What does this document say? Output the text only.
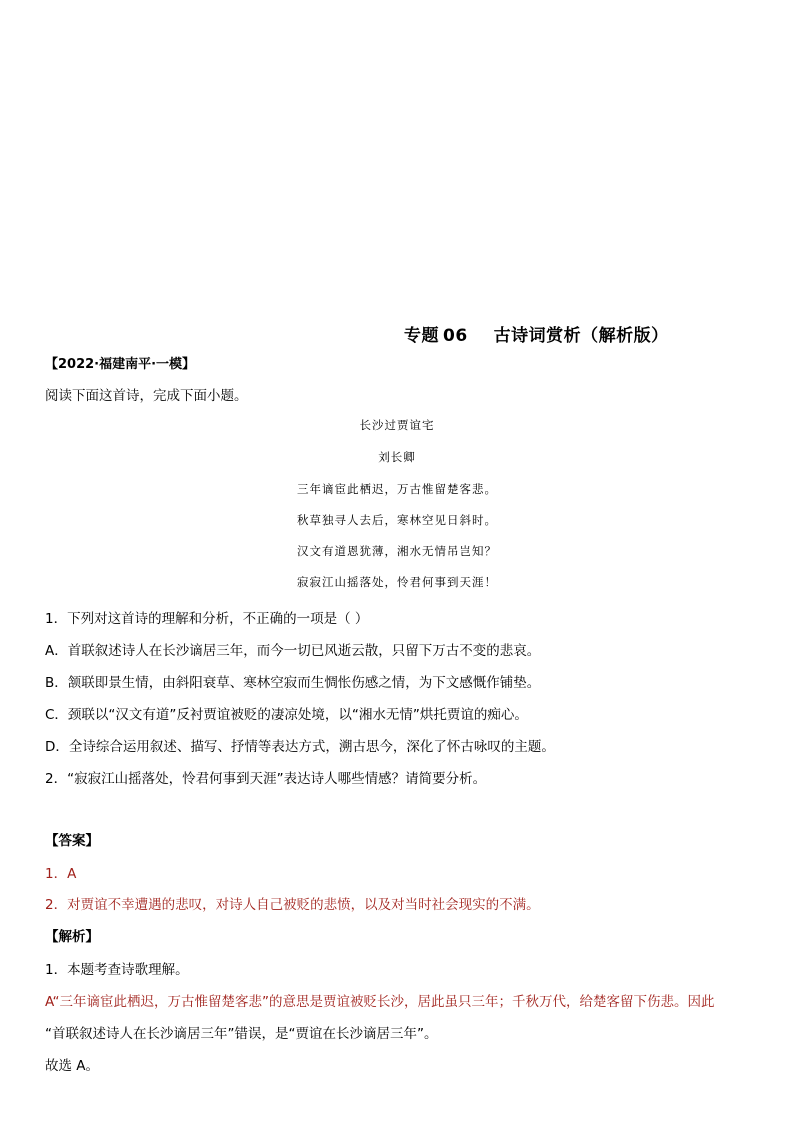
专题 06 古诗词赏析（解析版）
【2022·福建南平·一模】
阅读下面这首诗，完成下面小题。
长沙过贾谊宅
刘长卿
三年谪宦此栖迟，万古惟留楚客悲。
秋草独寻人去后，寒林空见日斜时。
汉文有道恩犹薄，湘水无情吊岂知？
寂寂江山摇落处，怜君何事到天涯！
1．下列对这首诗的理解和分析，不正确的一项是（ ）
A．首联叙述诗人在长沙谪居三年，而今一切已风逝云散，只留下万古不变的悲哀。
B．颔联即景生情，由斜阳衰草、寒林空寂而生惆怅伤感之情，为下文感慨作铺垫。
C．颈联以“汉文有道”反衬贾谊被贬的凄凉处境，以“湘水无情”烘托贾谊的痴心。
D．全诗综合运用叙述、描写、抒情等表达方式，溯古思今，深化了怀古咏叹的主题。
2．“寂寂江山摇落处，怜君何事到天涯”表达诗人哪些情感？请简要分析。
【答案】
1．A
2．对贾谊不幸遭遇的悲叹，对诗人自己被贬的悲愤，以及对当时社会现实的不满。
【解析】
1．本题考查诗歌理解。
A“三年谪宦此栖迟，万古惟留楚客悲”的意思是贾谊被贬长沙，居此虽只三年；千秋万代，给楚客留下伤悲。因此
“首联叙述诗人在长沙谪居三年”错误，是“贾谊在长沙谪居三年”。
故选 A。
